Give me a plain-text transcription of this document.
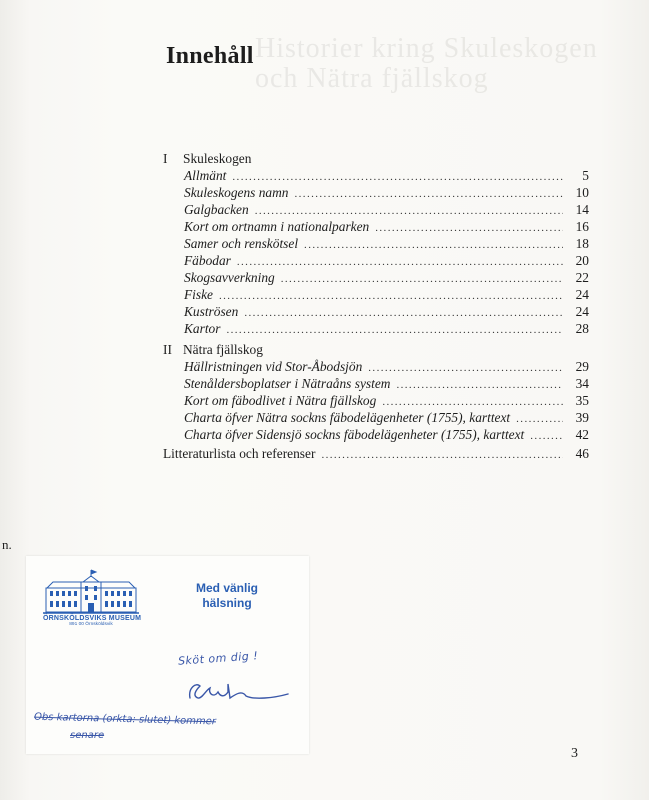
Historier kring Skuleskogen
och Nätra fjällskog
Innehåll
I	Skuleskogen
Allmänt .....	5
Skuleskogens namn .....	10
Galgbacken .....	14
Kort om ortnamn i nationalparken .....	16
Samer och renskötsel .....	18
Fäbodar .....	20
Skogsavverkning .....	22
Fiske .....	24
Kuströsen .....	24
Kartor .....	28
II Nätra fjällskog
Hällristningen vid Stor-Åbodsjön .....	29
Stenåldersboplatser i Nätraåns system .....	34
Kort om fäbodlivet i Nätra fjällskog .....	35
Charta öfver Nätra sockns fäbodelägenheter (1755), karttext .....	39
Charta öfver Sidensjö sockns fäbodelägenheter (1755), karttext .....	42
Litteraturlista och referenser .....	46
n.
ÖRNSKÖLDSVIKS MUSEUM
891 00 Örnsköldsvik
Med vänlig
hälsning
Sköt om dig !
Obs kartorna (orkta: slutet) kommer
senare
3
